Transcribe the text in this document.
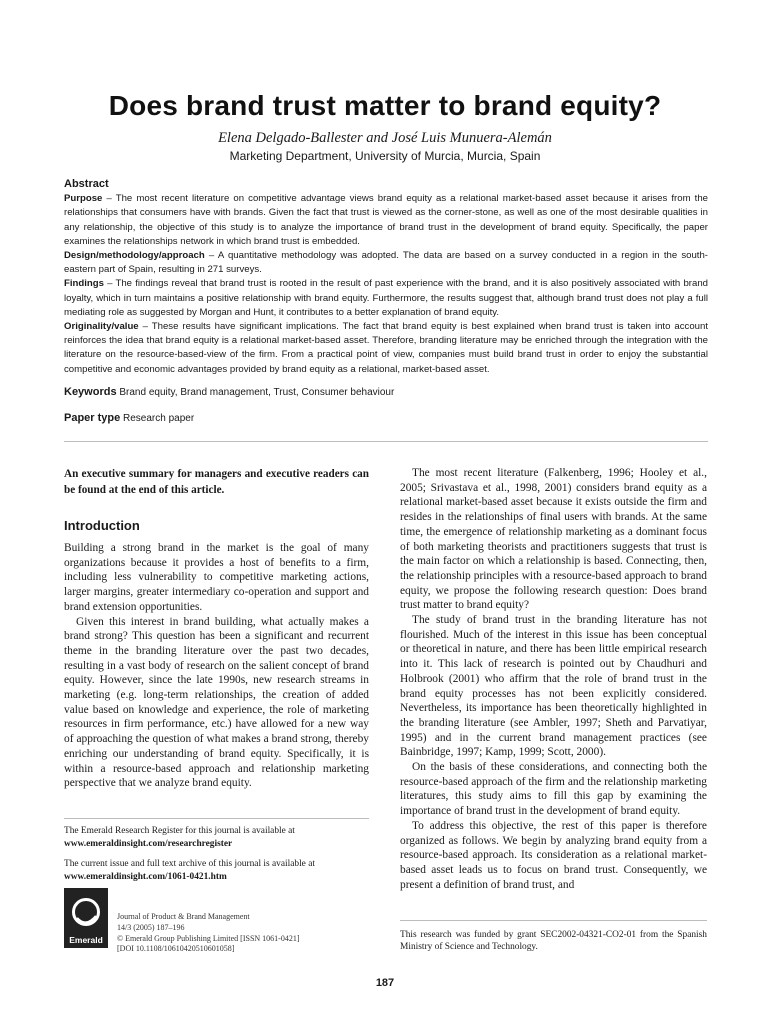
Does brand trust matter to brand equity?
Elena Delgado-Ballester and José Luis Munuera-Alemán
Marketing Department, University of Murcia, Murcia, Spain
Abstract

Purpose – The most recent literature on competitive advantage views brand equity as a relational market-based asset because it arises from the relationships that consumers have with brands. Given the fact that trust is viewed as the corner-stone, as well as one of the most desirable qualities in any relationship, the objective of this study is to analyze the importance of brand trust in the development of brand equity. Specifically, the paper examines the relationships network in which brand trust is embedded.

Design/methodology/approach – A quantitative methodology was adopted. The data are based on a survey conducted in a region in the south-eastern part of Spain, resulting in 271 surveys.

Findings – The findings reveal that brand trust is rooted in the result of past experience with the brand, and it is also positively associated with brand loyalty, which in turn maintains a positive relationship with brand equity. Furthermore, the results suggest that, although brand trust does not play a full mediating role as suggested by Morgan and Hunt, it contributes to a better explanation of brand equity.

Originality/value – These results have significant implications. The fact that brand equity is best explained when brand trust is taken into account reinforces the idea that brand equity is a relational market-based asset. Therefore, branding literature may be enriched through the integration with the literature on the resource-based-view of the firm. From a practical point of view, companies must build brand trust in order to enjoy the substantial competitive and economic advantages provided by brand equity as a relational, market-based asset.

Keywords Brand equity, Brand management, Trust, Consumer behaviour
Paper type Research paper

An executive summary for managers and executive readers can be found at the end of this article.

Introduction

Building a strong brand in the market is the goal of many organizations because it provides a host of benefits to a firm, including less vulnerability to competitive marketing actions, larger margins, greater intermediary co-operation and support and brand extension opportunities.

Given this interest in brand building, what actually makes a brand strong? This question has been a significant and recurrent theme in the branding literature over the past two decades, resulting in a vast body of research on the salient concept of brand equity. However, since the late 1990s, new research streams in marketing (e.g. long-term relationships, the creation of added value based on knowledge and experience, the role of marketing resources in firm performance, etc.) have allowed for a new way of approaching the question of what makes a brand strong, thereby enriching our understanding of brand equity. Specifically, it is within a resource-based approach and relationship marketing perspective that we analyze brand equity.

The Emerald Research Register for this journal is available at
www.emeraldinsight.com/researchregister

The current issue and full text archive of this journal is available at
www.emeraldinsight.com/1061-0421.htm

Emerald
Journal of Product & Brand Management
14/3 (2005) 187–196
© Emerald Group Publishing Limited [ISSN 1061-0421]
[DOI 10.1108/10610420510601058]

The most recent literature (Falkenberg, 1996; Hooley et al., 2005; Srivastava et al., 1998, 2001) considers brand equity as a relational market-based asset because it exists outside the firm and resides in the relationships of final users with brands. At the same time, the emergence of relationship marketing as a dominant focus of both marketing theorists and practitioners suggests that trust is the main factor on which a relationship is based. Connecting, then, the relationship principles with a resource-based approach to brand equity, we propose the following research question: Does brand trust matter to brand equity?

The study of brand trust in the branding literature has not flourished. Much of the interest in this issue has been conceptual or theoretical in nature, and there has been little empirical research into it. This lack of research is pointed out by Chaudhuri and Holbrook (2001) who affirm that the role of brand trust in the brand equity processes has not been explicitly considered. Nevertheless, its importance has been theoretically highlighted in the branding literature (see Ambler, 1997; Sheth and Parvatiyar, 1995) and in the current brand management practices (see Bainbridge, 1997; Kamp, 1999; Scott, 2000).

On the basis of these considerations, and connecting both the resource-based approach of the firm and the relationship marketing literatures, this study aims to fill this gap by examining the importance of brand trust in the development of brand equity.

To address this objective, the rest of this paper is therefore organized as follows. We begin by analyzing brand equity from a resource-based approach. Its consideration as a relational market-based asset leads us to focus on brand trust. Consequently, we present a definition of brand trust, and

This research was funded by grant SEC2002-04321-CO2-01 from the Spanish Ministry of Science and Technology.
187
